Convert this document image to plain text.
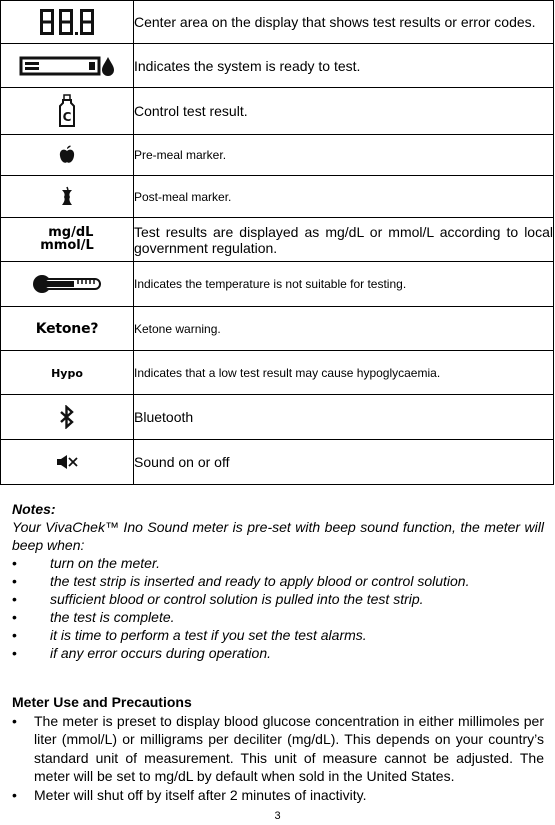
	Center area on the display that shows test results or error codes.

	Indicates the system is ready to test.

C	Control test result.

	Pre-meal marker.

	Post-meal marker.

mg/dL
mmol/L	Test results are displayed as mg/dL or mmol/L according to local government regulation.

	Indicates the temperature is not suitable for testing.
Ketone?	Ketone warning.
Hypo	Indicates that a low test result may cause hypoglycaemia.

	Bluetooth

	Sound on or off
Notes:
Your VivaChek™ Ino Sound meter is pre-set with beep sound function, the meter will beep when:
• turn on the meter.
• the test strip is inserted and ready to apply blood or control solution.
• sufficient blood or control solution is pulled into the test strip.
• the test is complete.
• it is time to perform a test if you set the test alarms.
• if any error occurs during operation.
Meter Use and Precautions
• The meter is preset to display blood glucose concentration in either millimoles per liter (mmol/L) or milligrams per deciliter (mg/dL). This depends on your country’s standard unit of measurement. This unit of measure cannot be adjusted. The meter will be set to mg/dL by default when sold in the United States.
• Meter will shut off by itself after 2 minutes of inactivity.
3
